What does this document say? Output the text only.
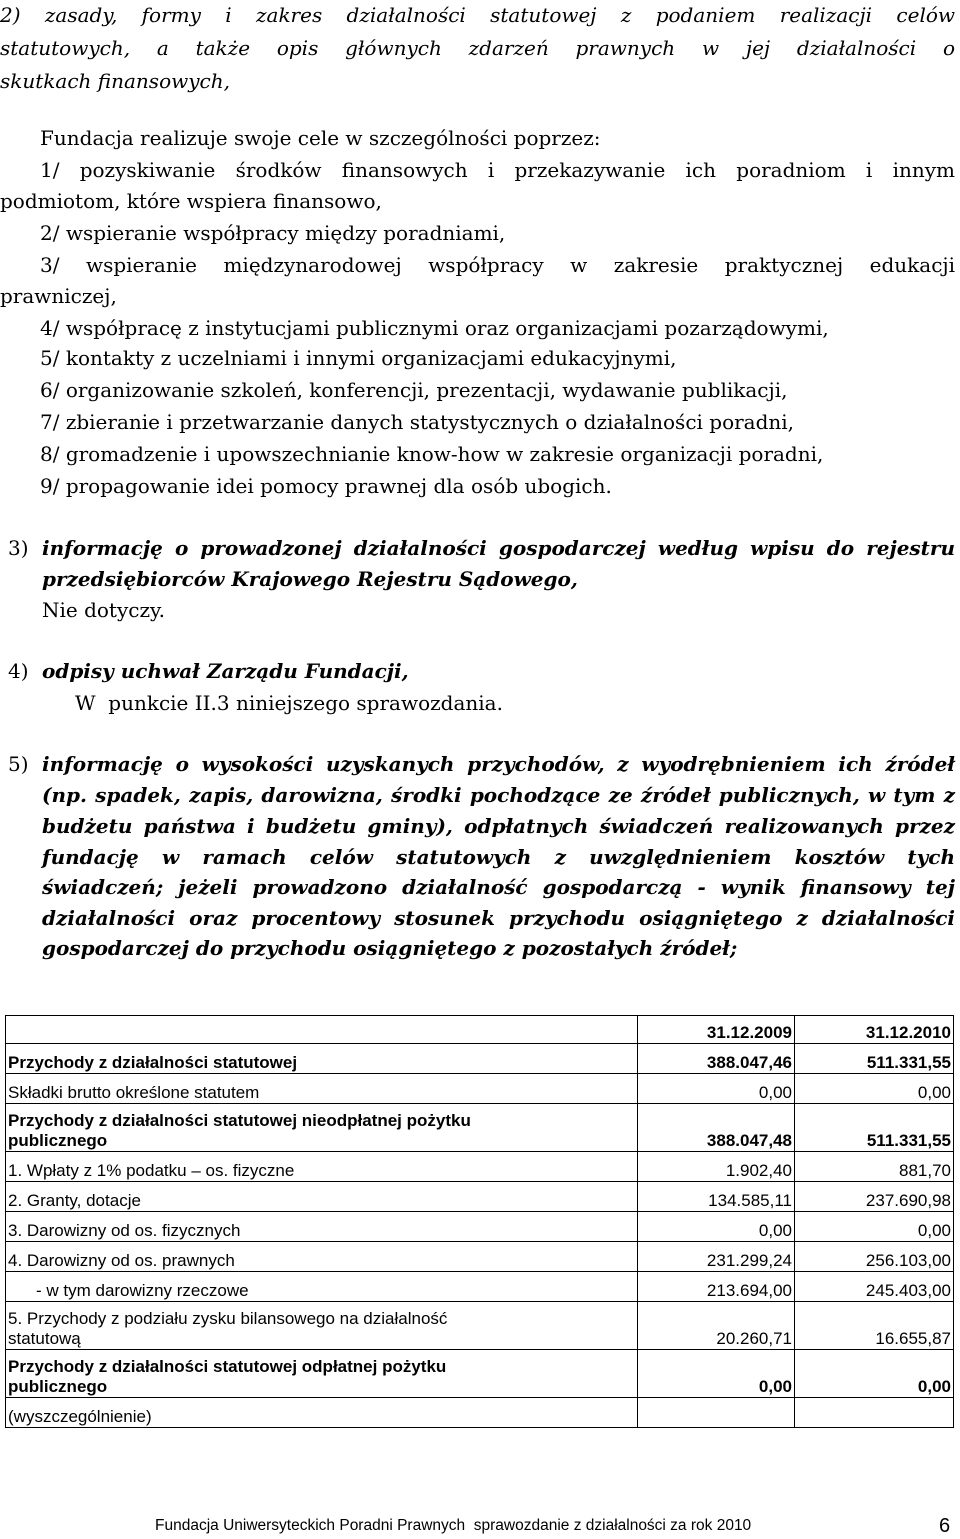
2) zasady, formy i zakres działalności statutowej z podaniem realizacji celów
statutowych, a także opis głównych zdarzeń prawnych w jej działalności o
skutkach finansowych,
Fundacja realizuje swoje cele w szczególności poprzez:
1/ pozyskiwanie środków finansowych i przekazywanie ich poradniom i innym
podmiotom, które wspiera finansowo,
2/ wspieranie współpracy między poradniami,
3/ wspieranie międzynarodowej współpracy w zakresie praktycznej edukacji
prawniczej,
4/ współpracę z instytucjami publicznymi oraz organizacjami pozarządowymi,
5/ kontakty z uczelniami i innymi organizacjami edukacyjnymi,
6/ organizowanie szkoleń, konferencji, prezentacji, wydawanie publikacji,
7/ zbieranie i przetwarzanie danych statystycznych o działalności poradni,
8/ gromadzenie i upowszechnianie know-how w zakresie organizacji poradni,
9/ propagowanie idei pomocy prawnej dla osób ubogich.
3) informację o prowadzonej działalności gospodarczej według wpisu do rejestru
przedsiębiorców Krajowego Rejestru Sądowego,
Nie dotyczy.
4) odpisy uchwał Zarządu Fundacji,
W  punkcie II.3 niniejszego sprawozdania.
5) informację o wysokości uzyskanych przychodów, z wyodrębnieniem ich źródeł
(np. spadek, zapis, darowizna, środki pochodzące ze źródeł publicznych, w tym z
budżetu państwa i budżetu gminy), odpłatnych świadczeń realizowanych przez
fundację w ramach celów statutowych z uwzględnieniem kosztów tych
świadczeń; jeżeli prowadzono działalność gospodarczą - wynik finansowy tej
działalności oraz procentowy stosunek przychodu osiągniętego z działalności
gospodarczej do przychodu osiągniętego z pozostałych źródeł;
	31.12.2009	31.12.2010
Przychody z działalności statutowej	388.047,46	511.331,55
Składki brutto określone statutem	0,00	0,00
Przychody z działalności statutowej nieodpłatnej pożytku
publicznego	388.047,48	511.331,55
1. Wpłaty z 1% podatku – os. fizyczne	1.902,40	881,70
2. Granty, dotacje	134.585,11	237.690,98
3. Darowizny od os. fizycznych	0,00	0,00
4. Darowizny od os. prawnych	231.299,24	256.103,00
- w tym darowizny rzeczowe	213.694,00	245.403,00
5. Przychody z podziału zysku bilansowego na działalność
statutową	20.260,71	16.655,87
Przychody z działalności statutowej odpłatnej pożytku
publicznego	0,00	0,00
(wyszczególnienie)		
Fundacja Uniwersyteckich Poradni Prawnych  sprawozdanie z działalności za rok 2010	6
